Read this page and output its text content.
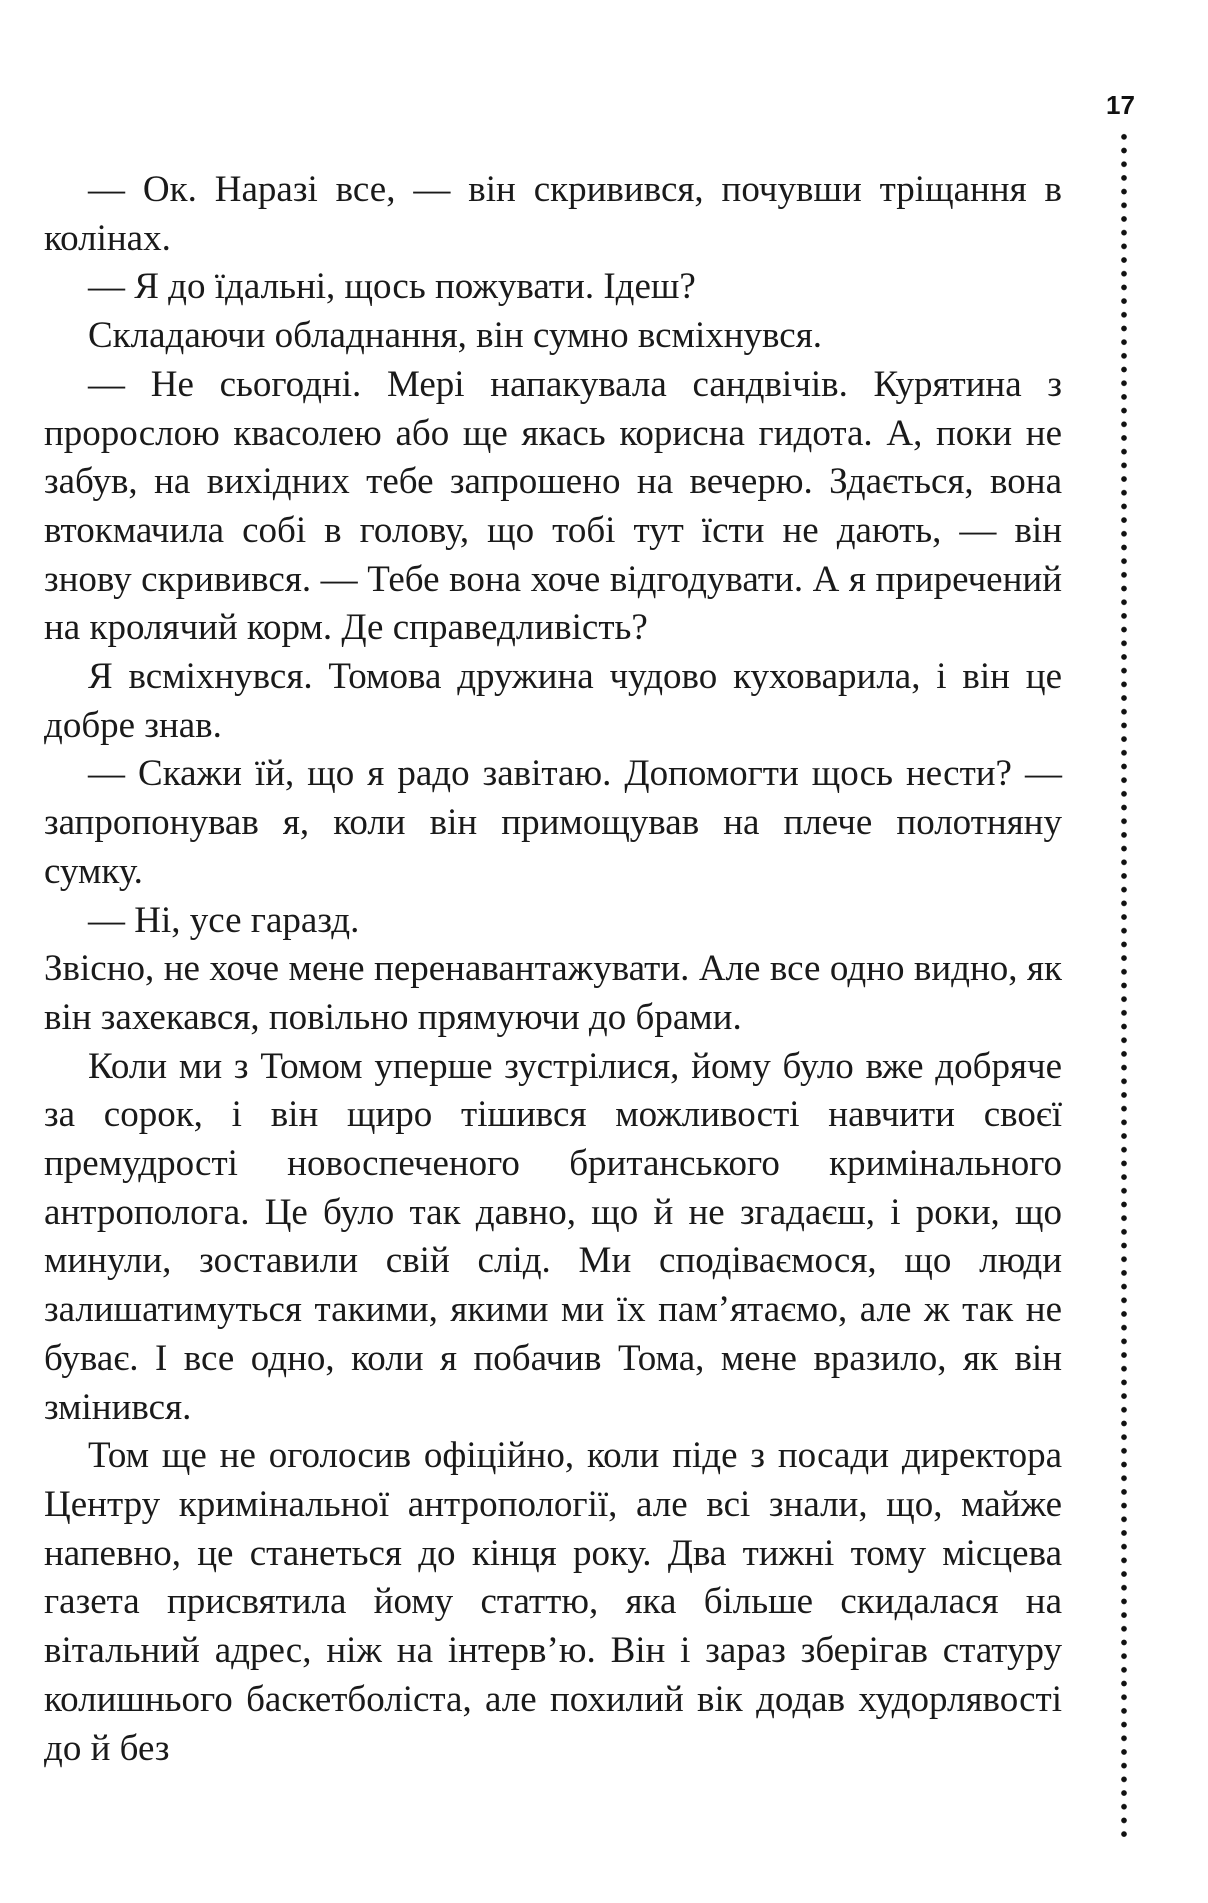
17

— Ок. Наразі все, — він скривився, почувши тріщання в колінах.

— Я до їдальні, щось пожувати. Ідеш?

Складаючи обладнання, він сумно всміхнувся.

— Не сьогодні. Мері напакувала сандвічів. Курятина з пророслою квасолею або ще якась корисна гидота. А, поки не забув, на вихідних тебе запрошено на вечерю. Здається, вона втокмачила собі в голову, що тобі тут їсти не дають, — він знову скривився. — Тебе вона хоче відгодувати. А я приречений на кролячий корм. Де справедливість?

Я всміхнувся. Томова дружина чудово куховарила, і він це добре знав.

— Скажи їй, що я радо завітаю. Допомогти щось нести? — запропонував я, коли він примощував на плече полотняну сумку.

— Ні, усе гаразд.

Звісно, не хоче мене перенавантажувати. Але все одно видно, як він захекався, повільно прямуючи до брами.

Коли ми з Томом уперше зустрілися, йому було вже добряче за сорок, і він щиро тішився можливості навчити своєї премудрості новоспеченого британського кримінального антрополога. Це було так давно, що й не згадаєш, і роки, що минули, зоставили свій слід. Ми сподіваємося, що люди залишатимуться такими, якими ми їх пам’ятаємо, але ж так не буває. І все одно, коли я побачив Тома, мене вразило, як він змінився.

Том ще не оголосив офіційно, коли піде з посади директора Центру кримінальної антропології, але всі знали, що, майже напевно, це станеться до кінця року. Два тижні тому місцева газета присвятила йому статтю, яка більше скидалася на вітальний адрес, ніж на інтерв’ю. Він і зараз зберігав статуру колишнього баскетболіста, але похилий вік додав худорлявості до й без
